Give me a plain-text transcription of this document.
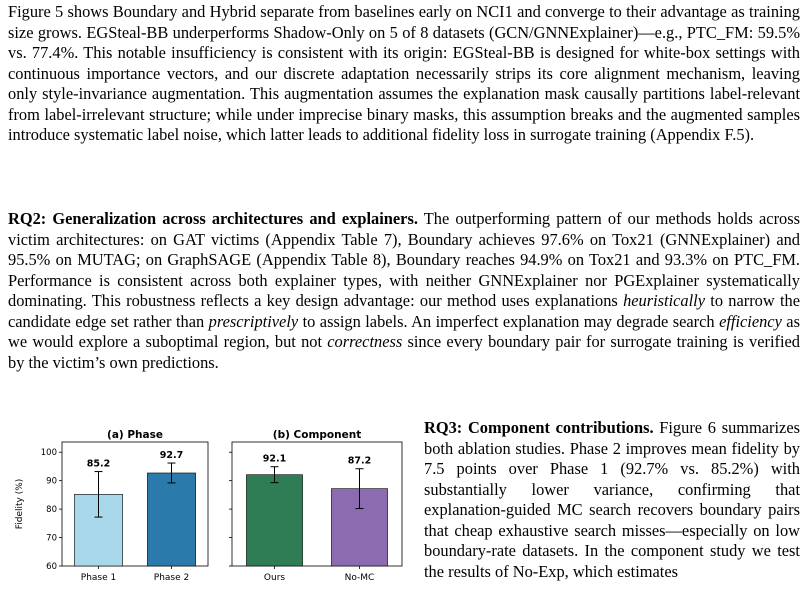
Figure 5 shows Boundary and Hybrid separate from baselines early on NCI1 and converge to their advantage as training size grows. EGSteal-BB underperforms Shadow-Only on 5 of 8 datasets (GCN/GNNExplainer)—e.g., PTC_FM: 59.5% vs. 77.4%. This notable insufficiency is consistent with its origin: EGSteal-BB is designed for white-box settings with continuous importance vectors, and our discrete adaptation necessarily strips its core alignment mechanism, leaving only style-invariance augmentation. This augmentation assumes the explanation mask causally partitions label-relevant from label-irrelevant structure; while under imprecise binary masks, this assumption breaks and the augmented samples introduce systematic label noise, which latter leads to additional fidelity loss in surrogate training (Appendix F.5).

RQ2: Generalization across architectures and explainers. The outperforming pattern of our methods holds across victim architectures: on GAT victims (Appendix Table 7), Boundary achieves 97.6% on Tox21 (GNNExplainer) and 95.5% on MUTAG; on GraphSAGE (Appendix Table 8), Boundary reaches 94.9% on Tox21 and 93.3% on PTC_FM. Performance is consistent across both explainer types, with neither GNNExplainer nor PGExplainer systematically dominating. This robustness reflects a key design advantage: our method uses explanations heuristically to narrow the candidate edge set rather than prescriptively to assign labels. An imperfect explanation may degrade search efficiency as we would explore a suboptimal region, but not correctness since every boundary pair for surrogate training is verified by the victim’s own predictions.

(a) Phase
60
70
80
90
100
Fidelity (%)
85.2
Phase 1
92.7
Phase 2
(b) Component
92.1
Ours
87.2
No-MC

RQ3: Component contributions. Figure 6 summarizes both ablation studies. Phase 2 improves mean fidelity by 7.5 points over Phase 1 (92.7% vs. 85.2%) with substantially lower variance, confirming that explanation-guided MC search recovers boundary pairs that cheap exhaustive search misses—especially on low boundary-rate datasets. In the component study we test the results of No-Exp, which estimates
